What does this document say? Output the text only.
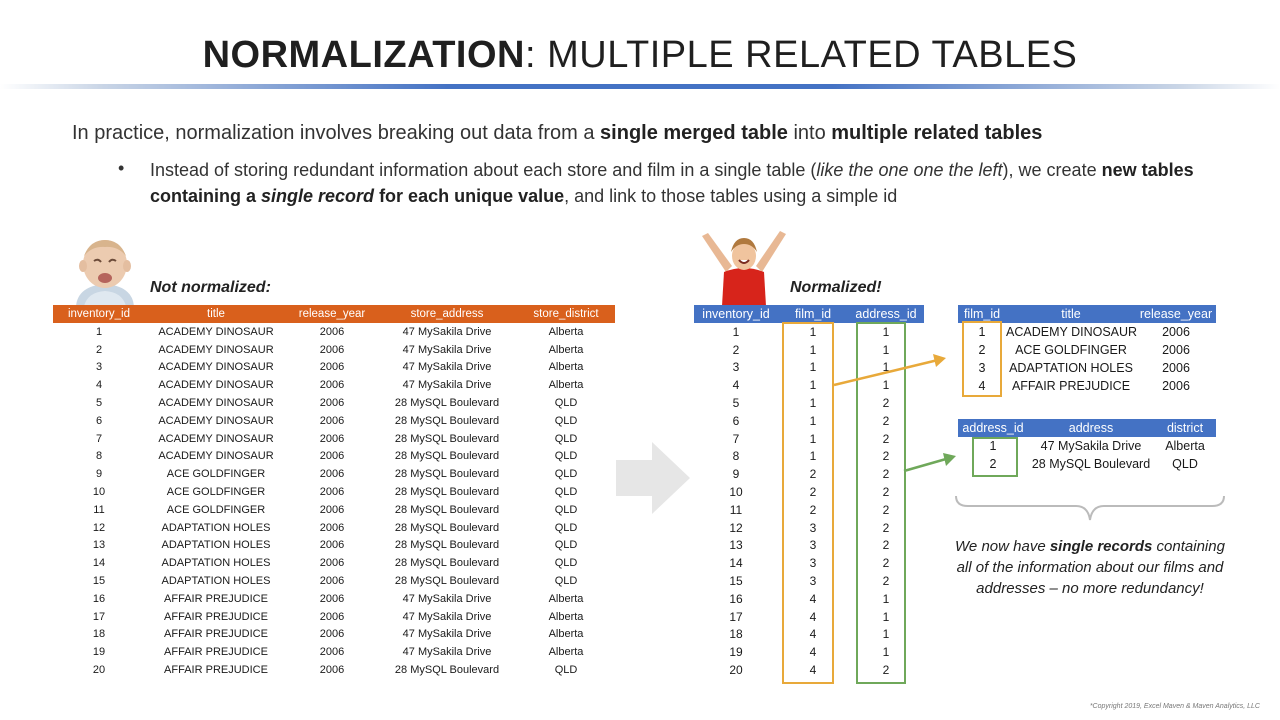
NORMALIZATION: MULTIPLE RELATED TABLES
In practice, normalization involves breaking out data from a single merged table into multiple related tables
• Instead of storing redundant information about each store and film in a single table (like the one one the left), we create new tables containing a single record for each unique value, and link to those tables using a simple id
Not normalized:	Normalized!
inventory_id	title	release_year	store_address	store_district
1	ACADEMY DINOSAUR	2006	47 MySakila Drive	Alberta
2	ACADEMY DINOSAUR	2006	47 MySakila Drive	Alberta
3	ACADEMY DINOSAUR	2006	47 MySakila Drive	Alberta
4	ACADEMY DINOSAUR	2006	47 MySakila Drive	Alberta
5	ACADEMY DINOSAUR	2006	28 MySQL Boulevard	QLD
6	ACADEMY DINOSAUR	2006	28 MySQL Boulevard	QLD
7	ACADEMY DINOSAUR	2006	28 MySQL Boulevard	QLD
8	ACADEMY DINOSAUR	2006	28 MySQL Boulevard	QLD
9	ACE GOLDFINGER	2006	28 MySQL Boulevard	QLD
10	ACE GOLDFINGER	2006	28 MySQL Boulevard	QLD
11	ACE GOLDFINGER	2006	28 MySQL Boulevard	QLD
12	ADAPTATION HOLES	2006	28 MySQL Boulevard	QLD
13	ADAPTATION HOLES	2006	28 MySQL Boulevard	QLD
14	ADAPTATION HOLES	2006	28 MySQL Boulevard	QLD
15	ADAPTATION HOLES	2006	28 MySQL Boulevard	QLD
16	AFFAIR PREJUDICE	2006	47 MySakila Drive	Alberta
17	AFFAIR PREJUDICE	2006	47 MySakila Drive	Alberta
18	AFFAIR PREJUDICE	2006	47 MySakila Drive	Alberta
19	AFFAIR PREJUDICE	2006	47 MySakila Drive	Alberta
20	AFFAIR PREJUDICE	2006	28 MySQL Boulevard	QLD
inventory_id	film_id	address_id
1	1	1
2	1	1
3	1	1
4	1	1
5	1	2
6	1	2
7	1	2
8	1	2
9	2	2
10	2	2
11	2	2
12	3	2
13	3	2
14	3	2
15	3	2
16	4	1
17	4	1
18	4	1
19	4	1
20	4	2
film_id	title	release_year
1	ACADEMY DINOSAUR	2006
2	ACE GOLDFINGER	2006
3	ADAPTATION HOLES	2006
4	AFFAIR PREJUDICE	2006
address_id	address	district
1	47 MySakila Drive	Alberta
2	28 MySQL Boulevard	QLD
We now have single records containing all of the information about our films and addresses – no more redundancy!
*Copyright 2019, Excel Maven & Maven Analytics, LLC
